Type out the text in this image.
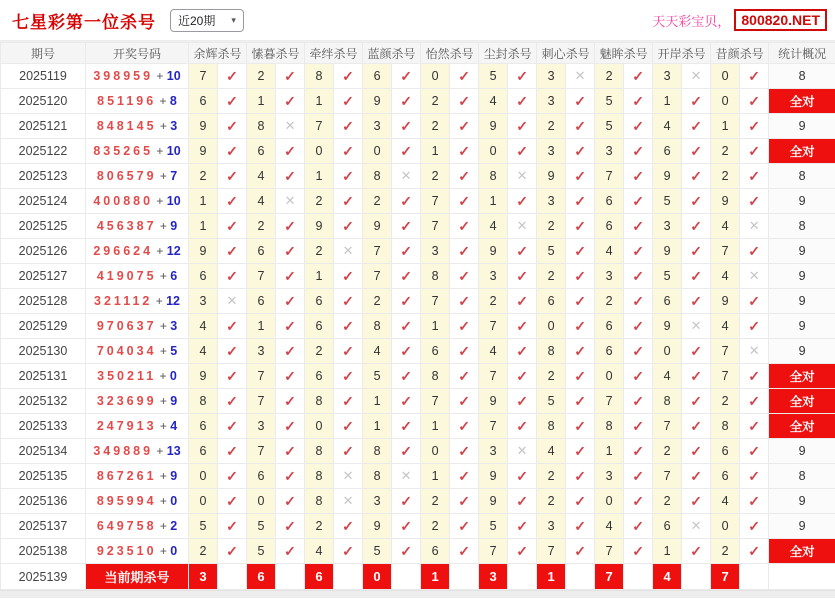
七星彩第一位杀号 近20期 ▾	天天彩宝贝， 800820.NET
期号	开奖号码	余辉杀号		愫暮杀号		牵绊杀号		蓝颜杀号		怡然杀号		尘封杀号		刺心杀号		魅眸杀号		开岸杀号		昔颜杀号		统计概况
2025119	398959 + 10	7	✓	2	✓	8	✓	6	✓	0	✓	5	✓	3	✕	2	✓	3	✕	0	✓	8
2025120	851196 + 8	6	✓	1	✓	1	✓	9	✓	2	✓	4	✓	3	✓	5	✓	1	✓	0	✓	全对
2025121	848145 + 3	9	✓	8	✕	7	✓	3	✓	2	✓	9	✓	2	✓	5	✓	4	✓	1	✓	9
2025122	835265 + 10	9	✓	6	✓	0	✓	0	✓	1	✓	0	✓	3	✓	3	✓	6	✓	2	✓	全对
2025123	806579 + 7	2	✓	4	✓	1	✓	8	✕	2	✓	8	✕	9	✓	7	✓	9	✓	2	✓	8
2025124	400880 + 10	1	✓	4	✕	2	✓	2	✓	7	✓	1	✓	3	✓	6	✓	5	✓	9	✓	9
2025125	456387 + 9	1	✓	2	✓	9	✓	9	✓	7	✓	4	✕	2	✓	6	✓	3	✓	4	✕	8
2025126	296624 + 12	9	✓	6	✓	2	✕	7	✓	3	✓	9	✓	5	✓	4	✓	9	✓	7	✓	9
2025127	419075 + 6	6	✓	7	✓	1	✓	7	✓	8	✓	3	✓	2	✓	3	✓	5	✓	4	✕	9
2025128	321112 + 12	3	✕	6	✓	6	✓	2	✓	7	✓	2	✓	6	✓	2	✓	6	✓	9	✓	9
2025129	970637 + 3	4	✓	1	✓	6	✓	8	✓	1	✓	7	✓	0	✓	6	✓	9	✕	4	✓	9
2025130	704034 + 5	4	✓	3	✓	2	✓	4	✓	6	✓	4	✓	8	✓	6	✓	0	✓	7	✕	9
2025131	350211 + 0	9	✓	7	✓	6	✓	5	✓	8	✓	7	✓	2	✓	0	✓	4	✓	7	✓	全对
2025132	323699 + 9	8	✓	7	✓	8	✓	1	✓	7	✓	9	✓	5	✓	7	✓	8	✓	2	✓	全对
2025133	247913 + 4	6	✓	3	✓	0	✓	1	✓	1	✓	7	✓	8	✓	8	✓	7	✓	8	✓	全对
2025134	349889 + 13	6	✓	7	✓	8	✓	8	✓	0	✓	3	✕	4	✓	1	✓	2	✓	6	✓	9
2025135	867261 + 9	0	✓	6	✓	8	✕	8	✕	1	✓	9	✓	2	✓	3	✓	7	✓	6	✓	8
2025136	895994 + 0	0	✓	0	✓	8	✕	3	✓	2	✓	9	✓	2	✓	0	✓	2	✓	4	✓	9
2025137	649758 + 2	5	✓	5	✓	2	✓	9	✓	2	✓	5	✓	3	✓	4	✓	6	✕	0	✓	9
2025138	923510 + 0	2	✓	5	✓	4	✓	5	✓	6	✓	7	✓	7	✓	7	✓	1	✓	2	✓	全对
2025139	当前期杀号	3		6		6		0		1		3		1		7		4		7		
